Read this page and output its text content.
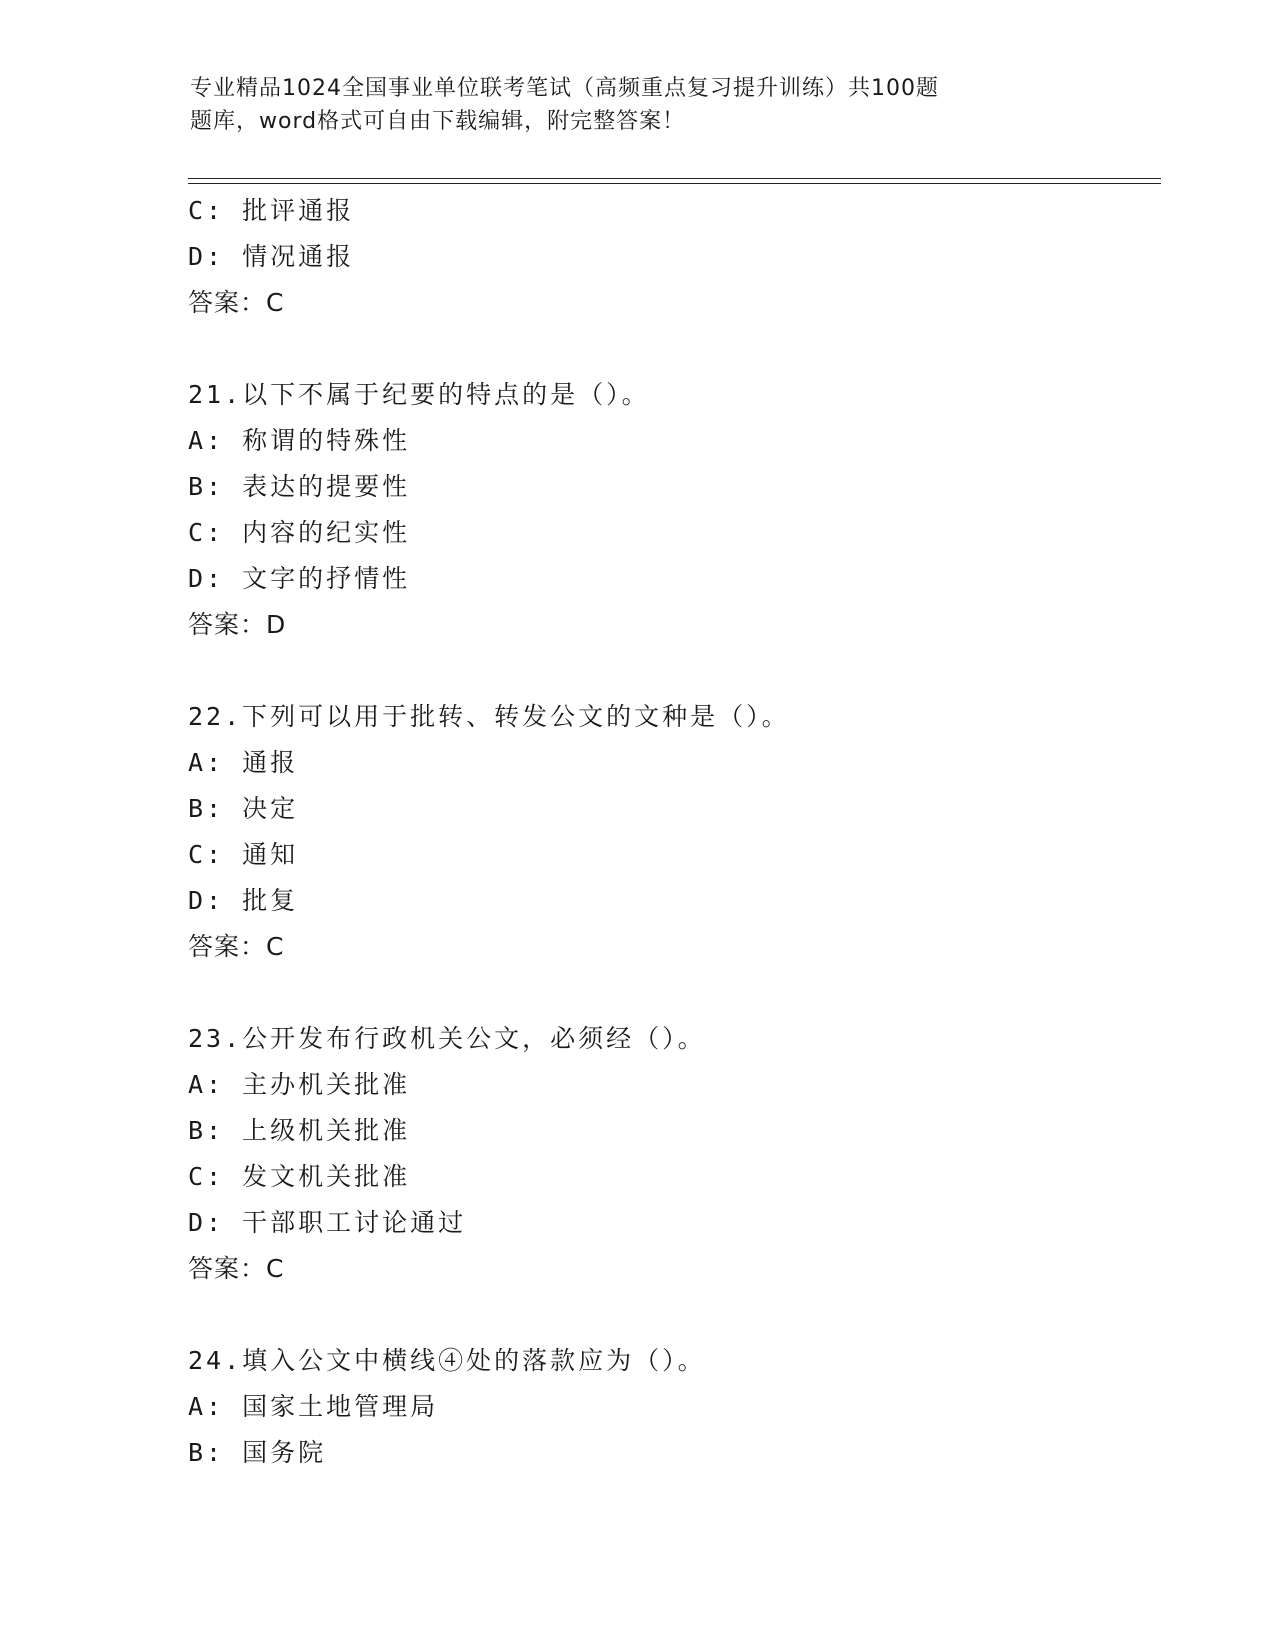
专业精品1024全国事业单位联考笔试（高频重点复习提升训练）共100题
题库，word格式可自由下载编辑，附完整答案！
C: 批评通报
D: 情况通报
答案：C
21.以下不属于纪要的特点的是（）。
A: 称谓的特殊性
B: 表达的提要性
C: 内容的纪实性
D: 文字的抒情性
答案：D
22.下列可以用于批转、转发公文的文种是（）。
A: 通报
B: 决定
C: 通知
D: 批复
答案：C
23.公开发布行政机关公文，必须经（）。
A: 主办机关批准
B: 上级机关批准
C: 发文机关批准
D: 干部职工讨论通过
答案：C
24.填入公文中横线④处的落款应为（）。
A: 国家土地管理局
B: 国务院
